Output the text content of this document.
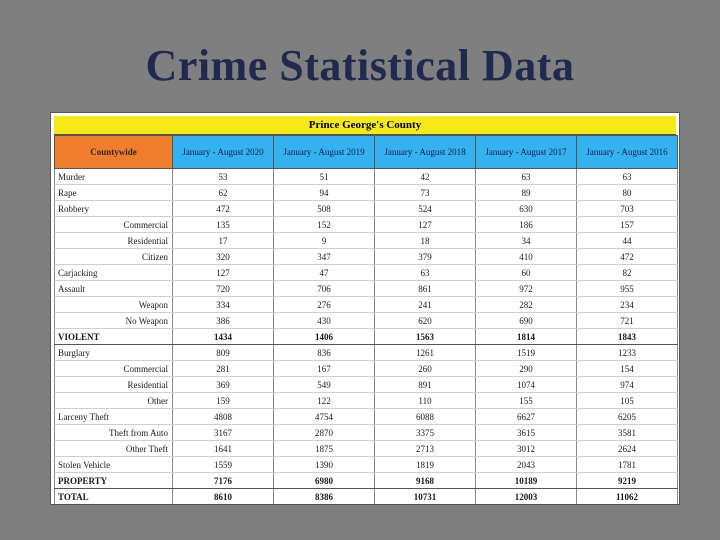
Crime Statistical Data
Prince George's County
Countywide	January - August 2020	January - August 2019	January - August 2018	January - August 2017	January - August 2016
Murder	53	51	42	63	63
Rape	62	94	73	89	80
Robbery	472	508	524	630	703
Commercial	135	152	127	186	157
Residential	17	9	18	34	44
Citizen	320	347	379	410	472
Carjacking	127	47	63	60	82
Assault	720	706	861	972	955
Weapon	334	276	241	282	234
No Weapon	386	430	620	690	721
VIOLENT	1434	1406	1563	1814	1843
Burglary	809	836	1261	1519	1233
Commercial	281	167	260	290	154
Residential	369	549	891	1074	974
Other	159	122	110	155	105
Larceny Theft	4808	4754	6088	6627	6205
Theft from Auto	3167	2870	3375	3615	3581
Other Theft	1641	1875	2713	3012	2624
Stolen Vehicle	1559	1390	1819	2043	1781
PROPERTY	7176	6980	9168	10189	9219
TOTAL	8610	8386	10731	12003	11062
